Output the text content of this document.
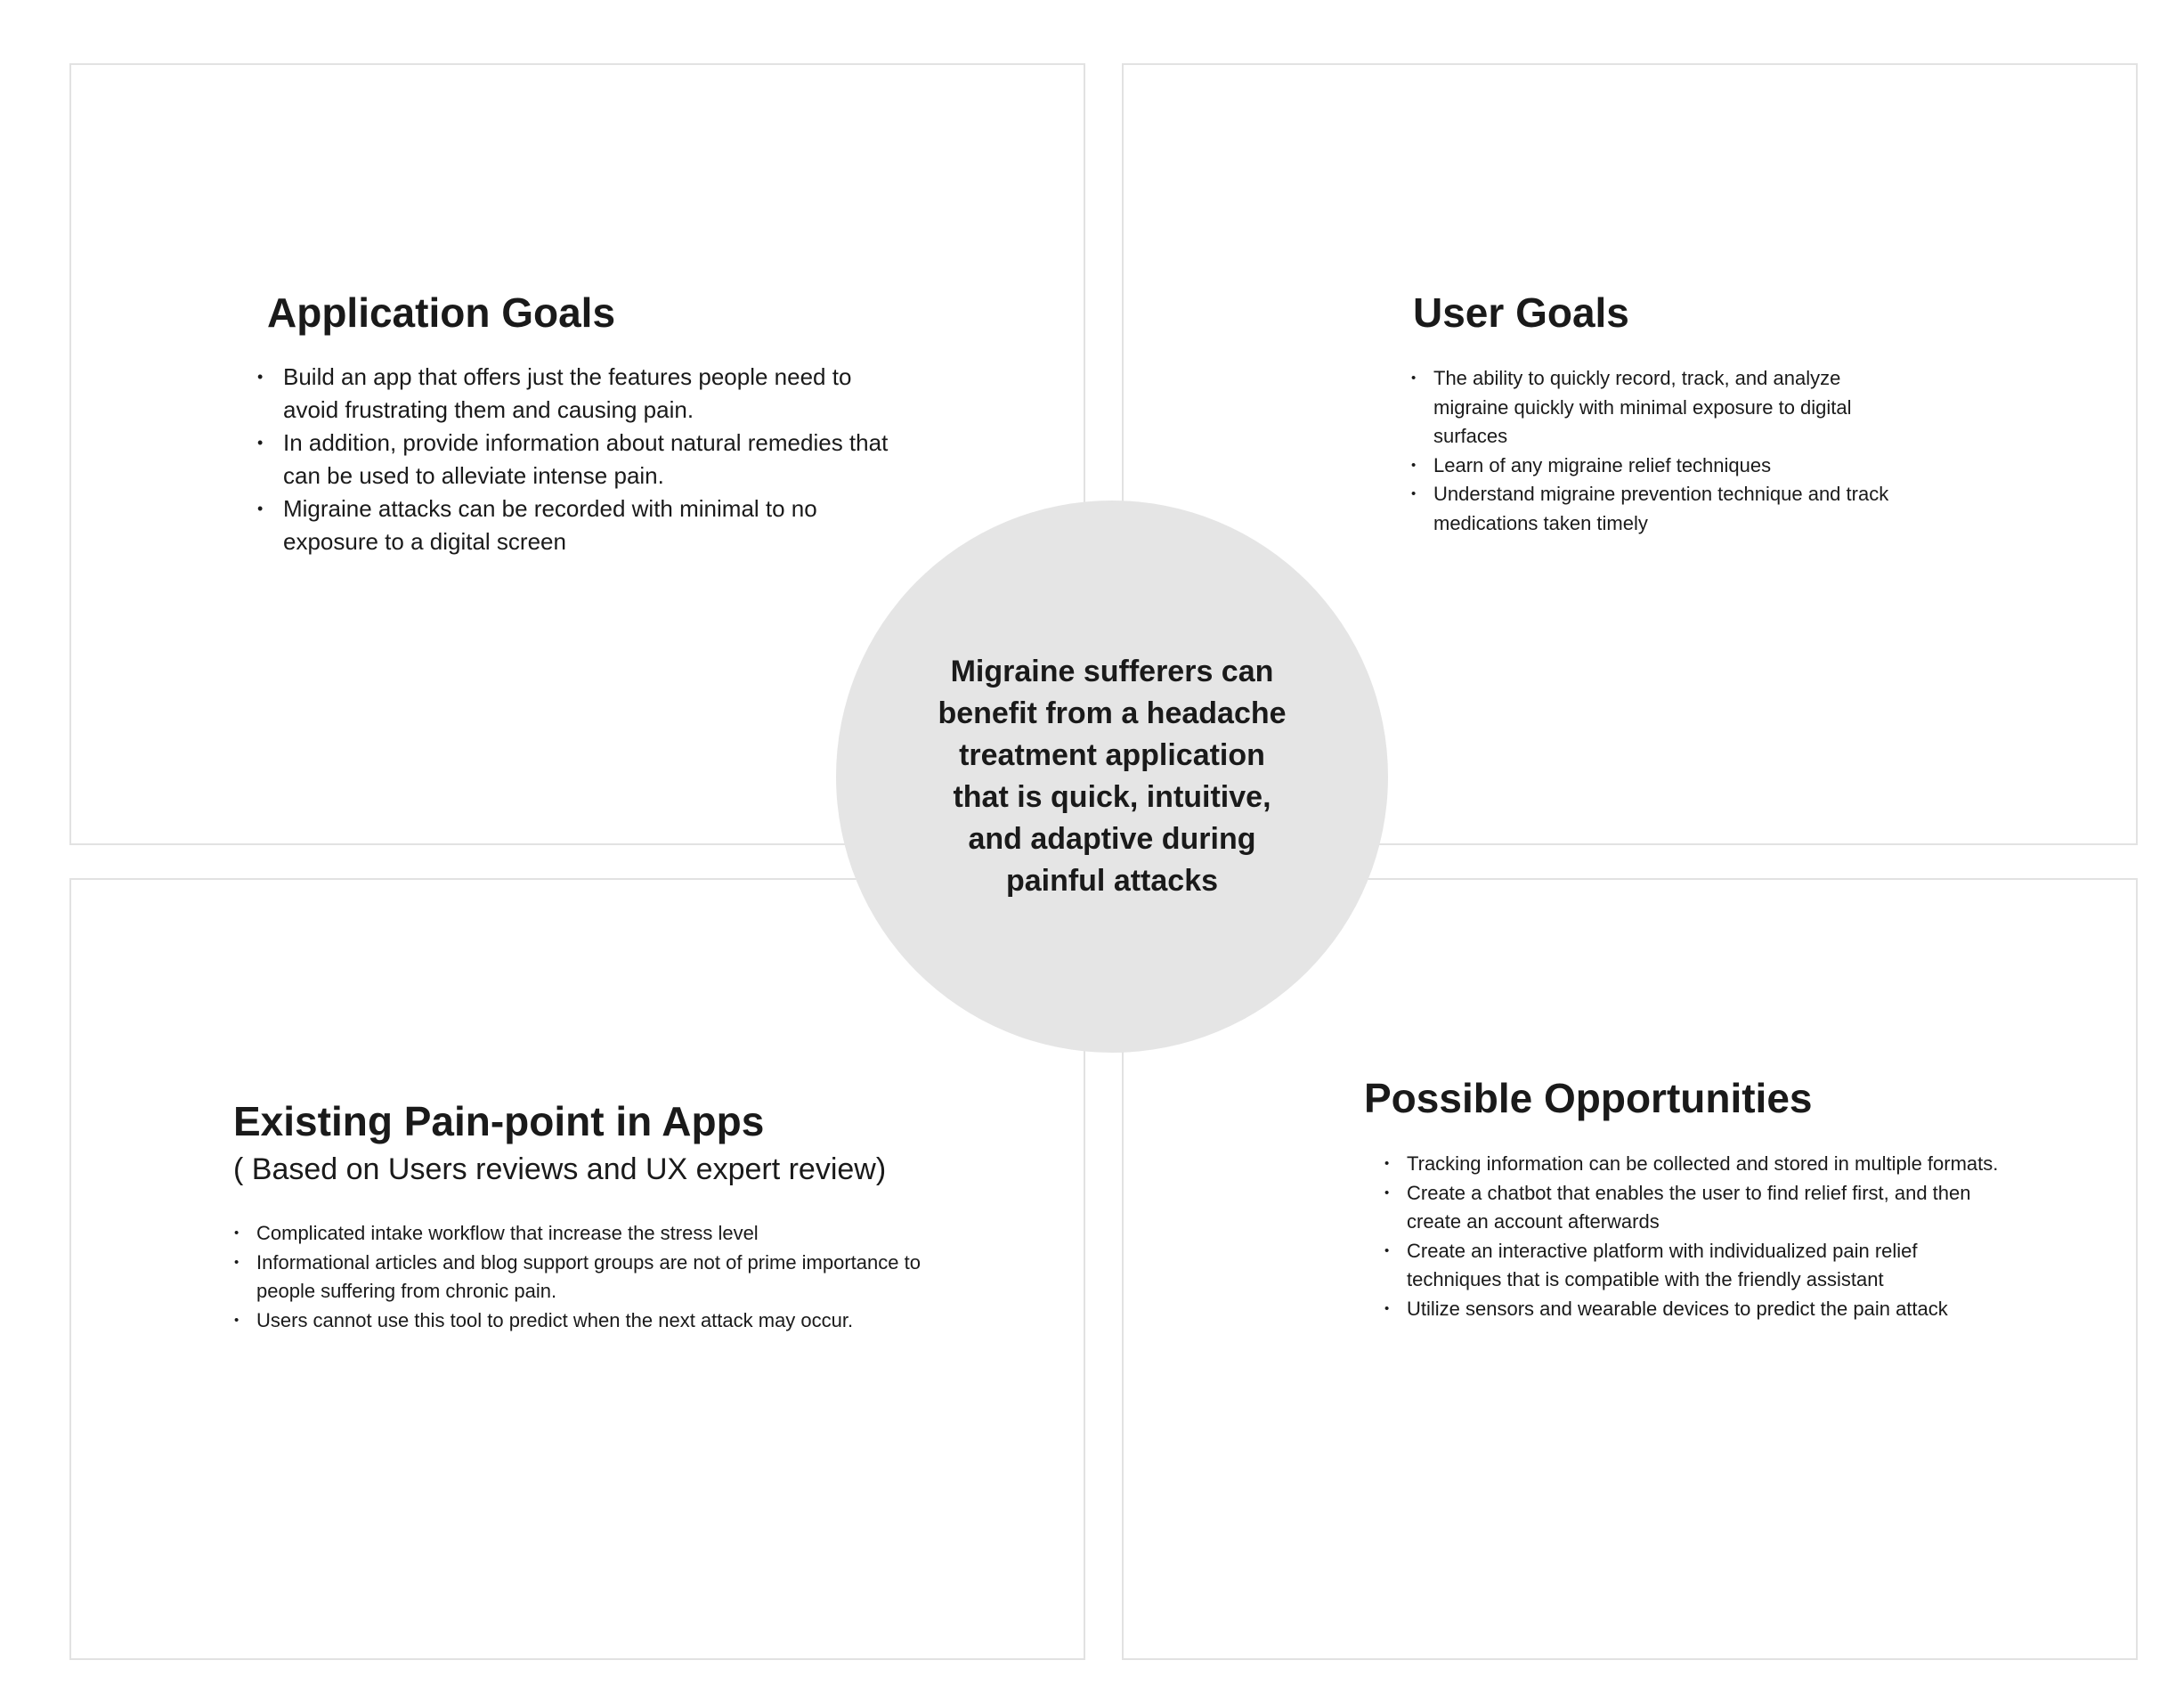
Application Goals
• Build an app that offers just the features people need to avoid frustrating them and causing pain.
• In addition, provide information about natural remedies that can be used to alleviate intense pain.
• Migraine attacks can be recorded with minimal to no exposure to a digital screen
User Goals
• The ability to quickly record, track, and analyze migraine quickly with minimal exposure to digital surfaces
• Learn of any migraine relief techniques
• Understand migraine prevention technique and track medications taken timely
Existing Pain-point in Apps

( Based on Users reviews and UX expert review)

• Complicated intake workflow that increase the stress level
• Informational articles and blog support groups are not of prime importance to people suffering from chronic pain.
• Users cannot use this tool to predict when the next attack may occur.
Possible Opportunities
• Tracking information can be collected and stored in multiple formats.
• Create a chatbot that enables the user to find relief first, and then create an account afterwards
• Create an interactive platform with individualized pain relief techniques that is compatible with the friendly assistant
• Utilize sensors and wearable devices to predict the pain attack

Migraine sufferers can benefit from a headache treatment application that is quick, intuitive, and adaptive during painful attacks
